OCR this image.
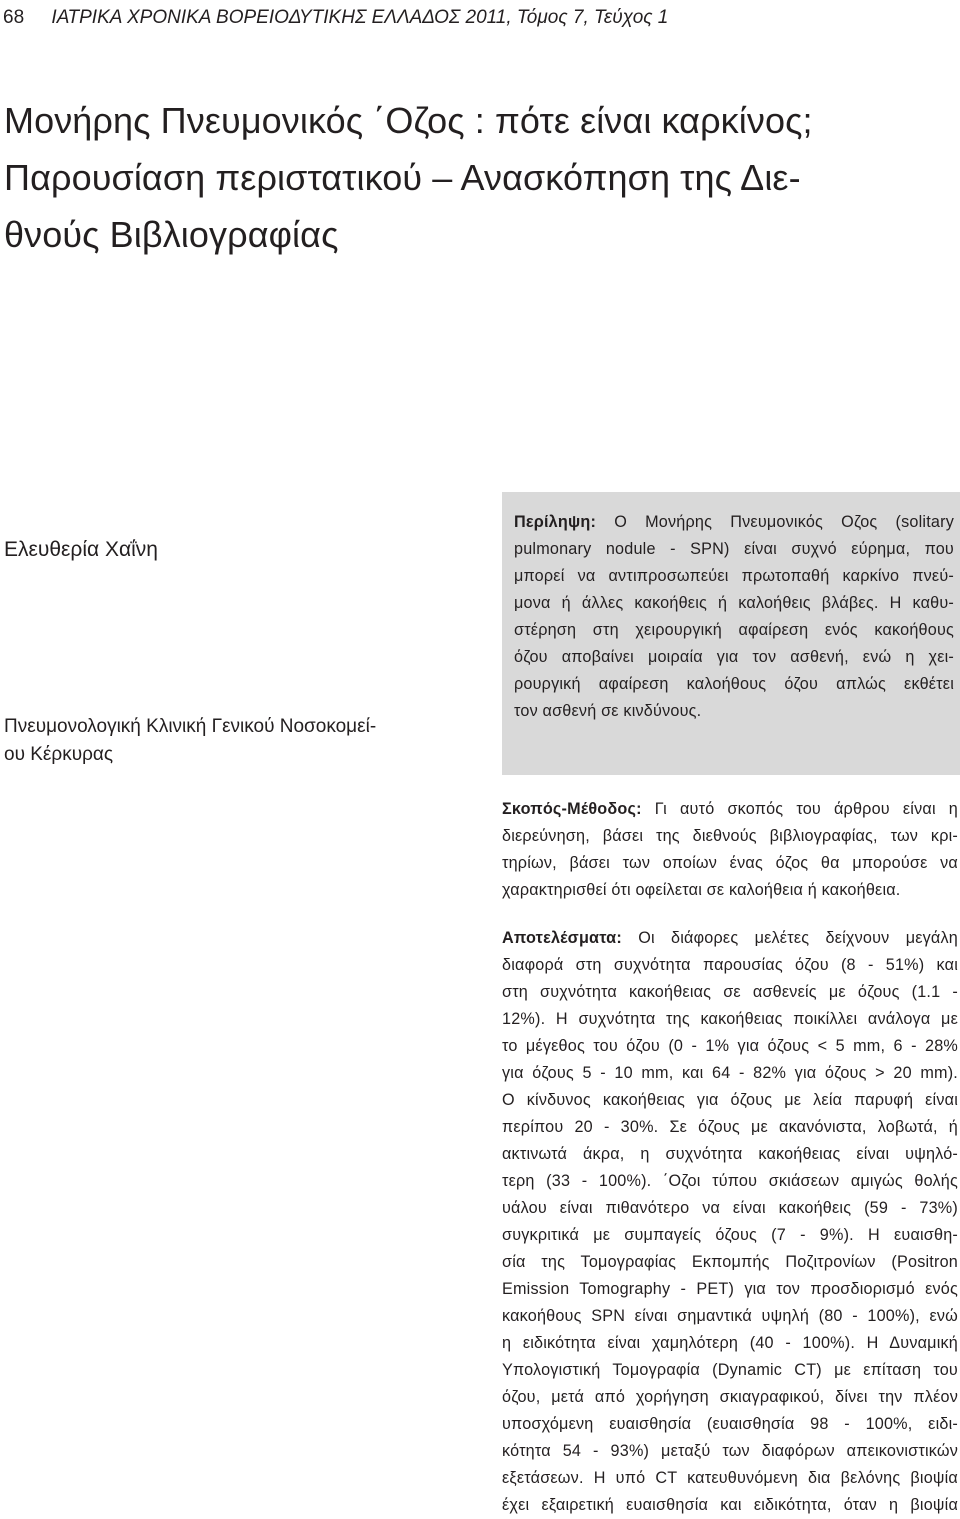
68 ΙΑΤΡΙΚΑ ΧΡΟΝΙΚΑ ΒΟΡΕΙΟΔΥΤΙΚΗΣ ΕΛΛΑΔΟΣ 2011, Τόμος 7, Τεύχος 1
Μονήρης Πνευμονικός ΄Οζος : πότε είναι καρκίνος;
Παρουσίαση περιστατικού – Ανασκόπηση της Διε-
θνούς Βιβλιογραφίας
Ελευθερία Χαΐνη
Πνευμονολογική Κλινική Γενικού Νοσοκομεί-
ου Κέρκυρας
Περίληψη: Ο Μονήρης Πνευμονικός Οζος (solitary
pulmonary nodule - SPN) είναι συχνό εύρημα, που
μπορεί να αντιπροσωπεύει πρωτοπαθή καρκίνο πνεύ-
μονα ή άλλες κακοήθεις ή καλοήθεις βλάβες. Η καθυ-
στέρηση στη χειρουργική αφαίρεση ενός κακοήθους
όζου αποβαίνει μοιραία για τον ασθενή, ενώ η χει-
ρουργική αφαίρεση καλοήθους όζου απλώς εκθέτει
τον ασθενή σε κινδύνους.
Σκοπός-Μέθοδος: Γι αυτό σκοπός του άρθρου είναι η
διερεύνηση, βάσει της διεθνούς βιβλιογραφίας, των κρι-
τηρίων, βάσει των οποίων ένας όζος θα μπορούσε να
χαρακτηρισθεί ότι οφείλεται σε καλοήθεια ή κακοήθεια.
Αποτελέσματα: Οι διάφορες μελέτες δείχνουν μεγάλη
διαφορά στη συχνότητα παρουσίας όζου (8 - 51%) και
στη συχνότητα κακοήθειας σε ασθενείς με όζους (1.1 -
12%). Η συχνότητα της κακοήθειας ποικίλλει ανάλογα με
το μέγεθος του όζου (0 - 1% για όζους < 5 mm, 6 - 28%
για όζους 5 - 10 mm, και 64 - 82% για όζους > 20 mm).
Ο κίνδυνος κακοήθειας για όζους με λεία παρυφή είναι
περίπου 20 - 30%. Σε όζους με ακανόνιστα, λοβωτά, ή
ακτινωτά άκρα, η συχνότητα κακοήθειας είναι υψηλό-
τερη (33 - 100%). ΄Οζοι τύπου σκιάσεων αμιγώς θολής
υάλου είναι πιθανότερο να είναι κακοήθεις (59 - 73%)
συγκριτικά με συμπαγείς όζους (7 - 9%). Η ευαισθη-
σία της Τομογραφίας Εκπομπής Ποζιτρονίων (Positron
Emission Tomography - PET) για τον προσδιορισμό ενός
κακοήθους SPN είναι σημαντικά υψηλή (80 - 100%), ενώ
η ειδικότητα είναι χαμηλότερη (40 - 100%). Η Δυναμική
Υπολογιστική Τομογραφία (Dynamic CT) με επίταση του
όζου, μετά από χορήγηση σκιαγραφικού, δίνει την πλέον
υποσχόμενη ευαισθησία (ευαισθησία 98 - 100%, ειδι-
κότητα 54 - 93%) μεταξύ των διαφόρων απεικονιστικών
εξετάσεων. Η υπό CT κατευθυνόμενη δια βελόνης βιοψία
έχει εξαιρετική ευαισθησία και ειδικότητα, όταν η βιοψία
